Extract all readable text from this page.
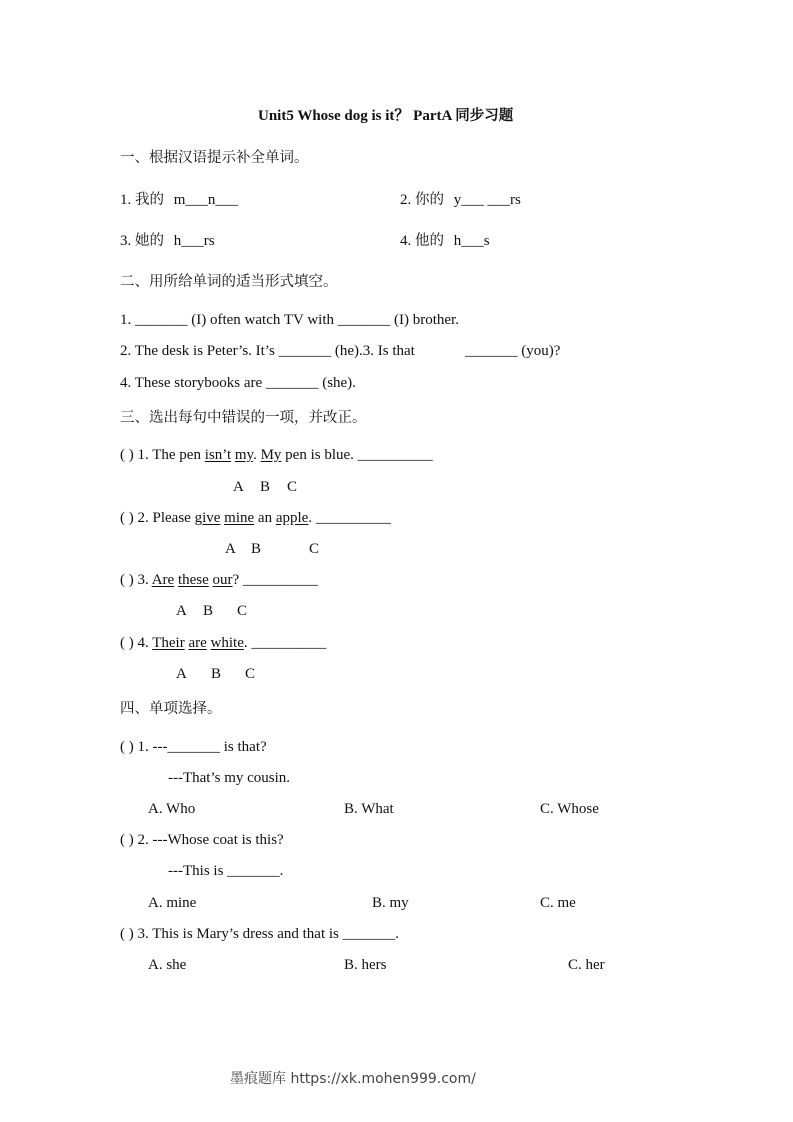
Unit5 Whose dog is it？ PartA 同步习题
一、根据汉语提示补全单词。
1. 我的 m___n___	2. 你的 y___ ___rs
3. 她的 h___rs	4. 他的 h___s
二、用所给单词的适当形式填空。
1. _______ (I) often watch TV with _______ (I) brother.
2. The desk is Peter’s. It’s _______ (he).3. Is that	_______ (you)?
4. These storybooks are _______ (she).
三、选出每句中错误的一项，并改正。
( ) 1. The pen isn’t my. My pen is blue. __________
A B C
( ) 2. Please give mine an apple. __________
A B	C
( ) 3. Are these our? __________
A B C
( ) 4. Their are white. __________
A B C
四、单项选择。
( ) 1. ---_______ is that?
---That’s my cousin.
A. Who	B. What	C. Whose
( ) 2. ---Whose coat is this?
---This is _______.
A. mine	B. my	C. me
( ) 3. This is Mary’s dress and that is _______.
A. she	B. hers	C. her
墨痕题库 https://xk.mohen999.com/
